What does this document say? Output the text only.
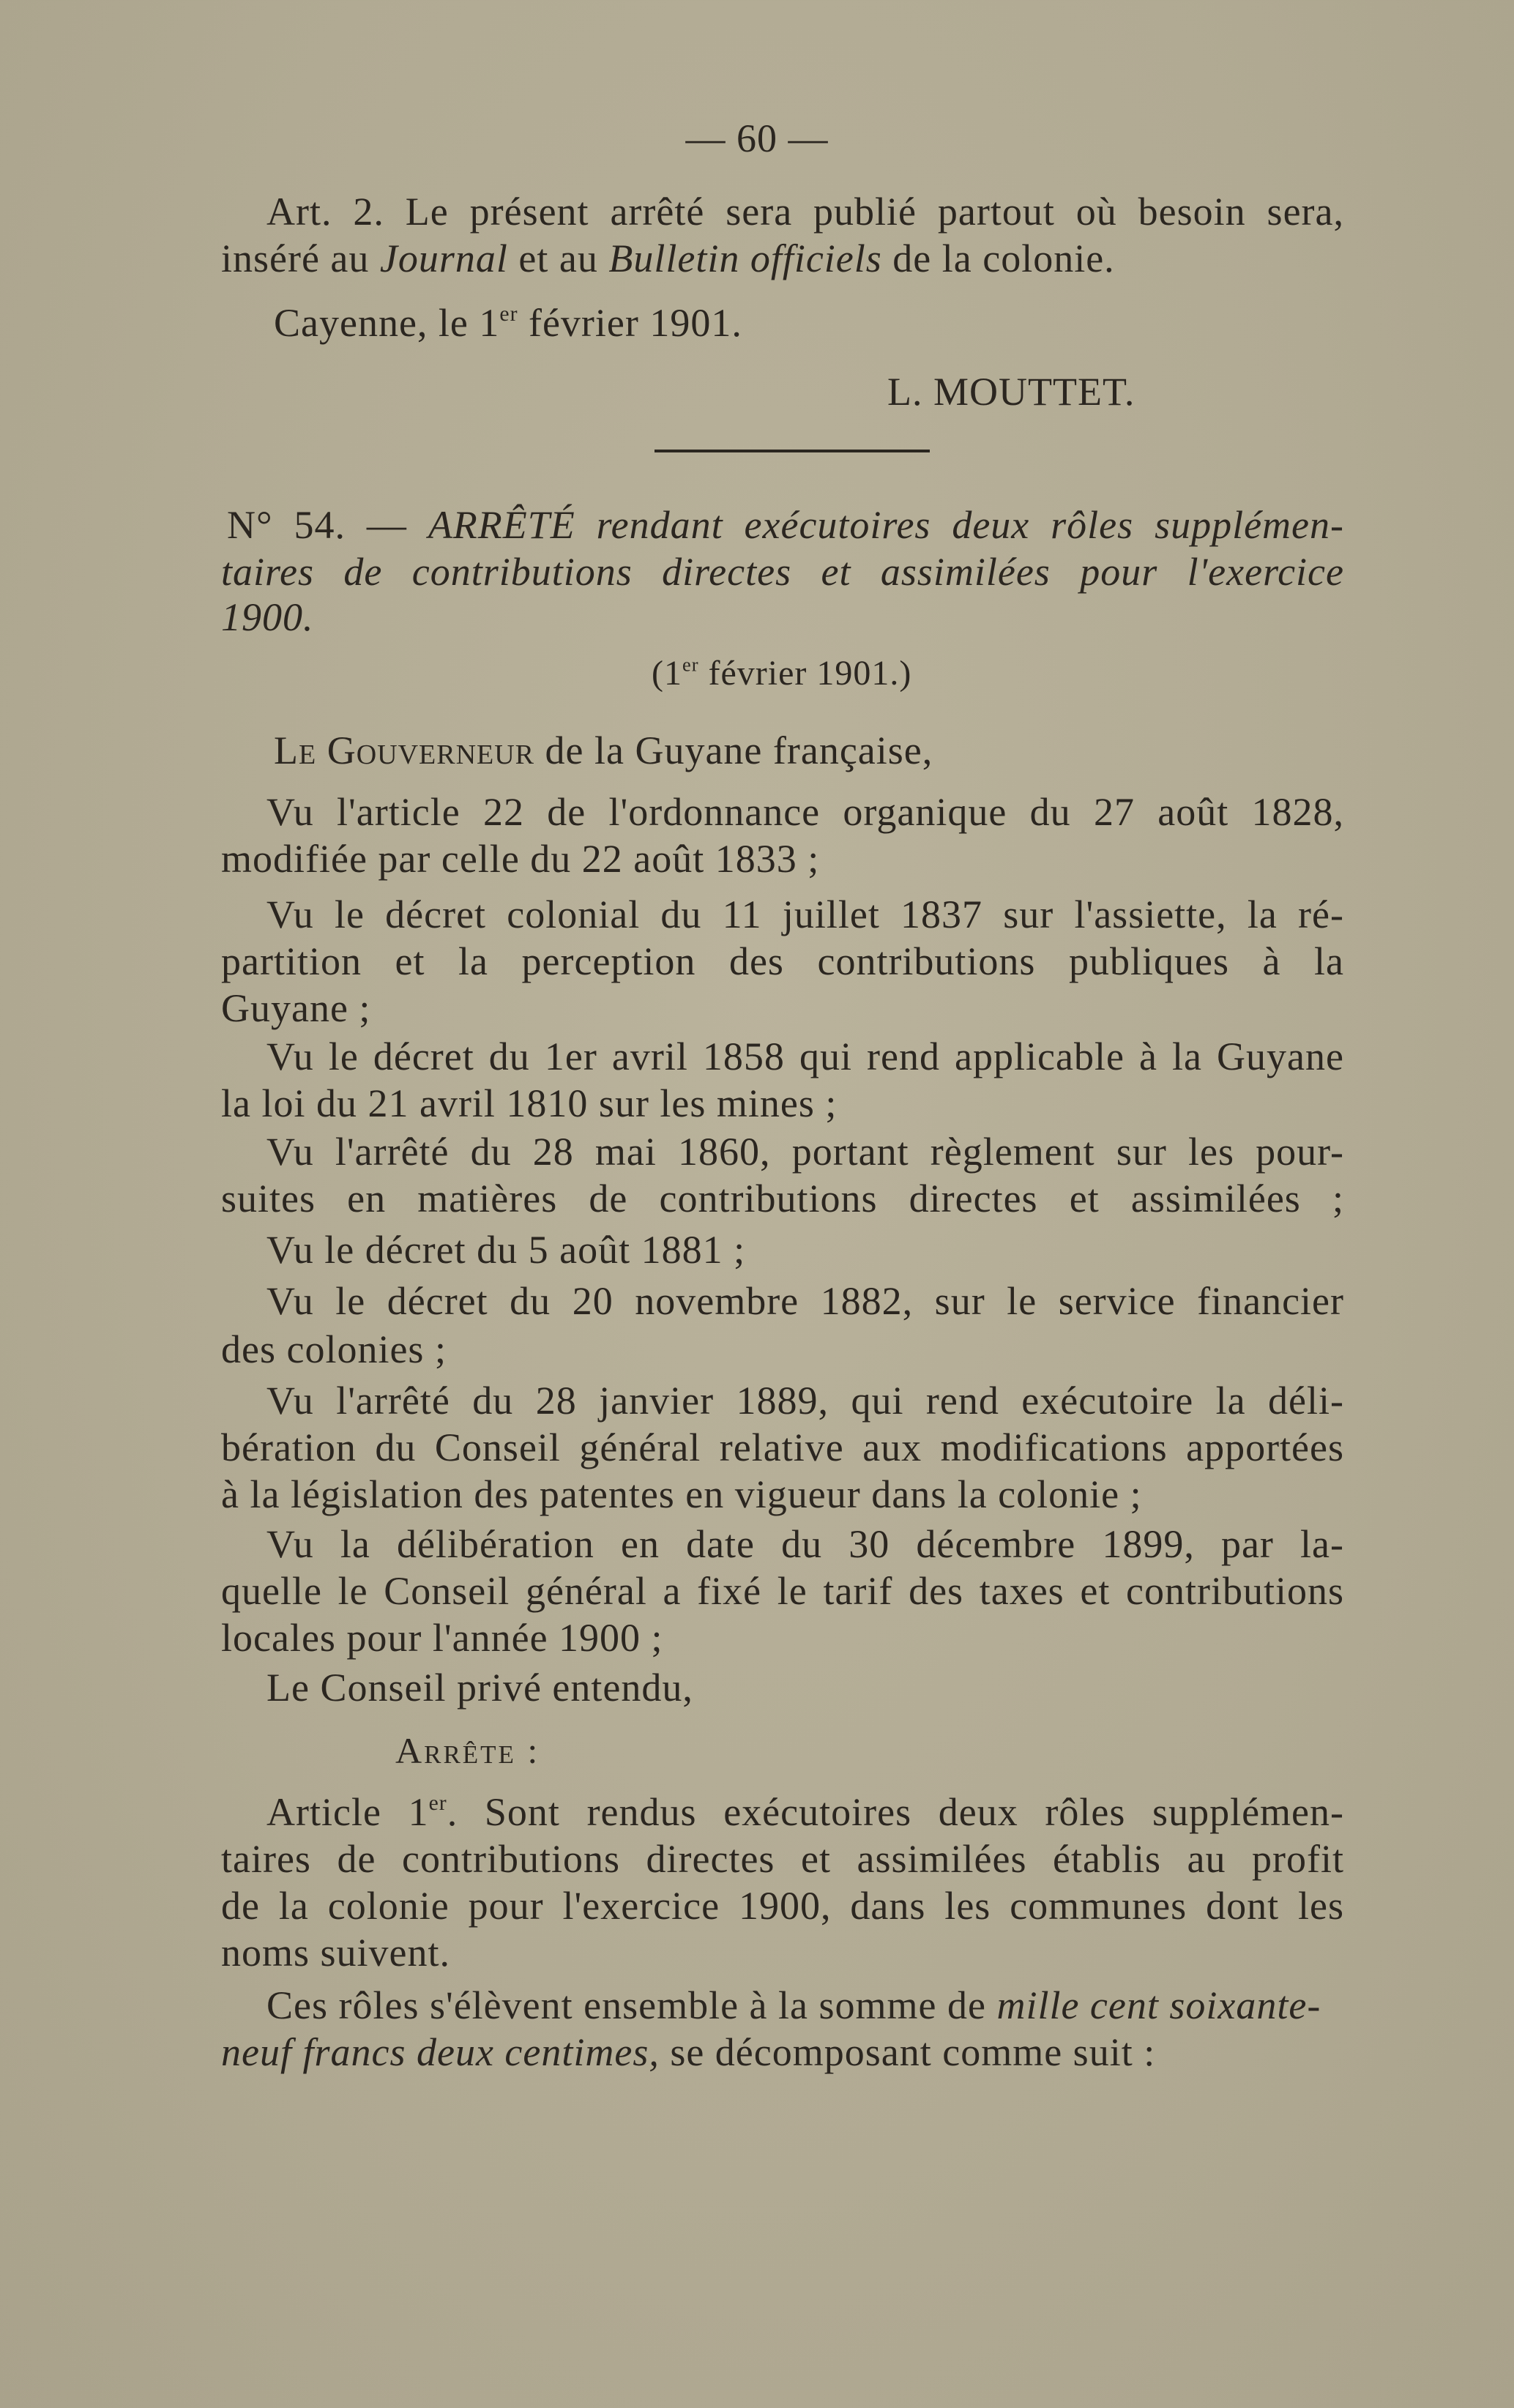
— 60 —
Art. 2. Le présent arrêté sera publié partout où besoin sera,
inséré au Journal et au Bulletin officiels de la colonie.
Cayenne, le 1er février 1901.
L. MOUTTET.
N° 54. — ARRÊTÉ rendant exécutoires deux rôles supplémen-
taires de contributions directes et assimilées pour l'exercice
1900.
(1er février 1901.)
Le Gouverneur de la Guyane française,
Vu l'article 22 de l'ordonnance organique du 27 août 1828,
modifiée par celle du 22 août 1833 ;
Vu le décret colonial du 11 juillet 1837 sur l'assiette, la ré-
partition et la perception des contributions publiques à la
Guyane ;
Vu le décret du 1er avril 1858 qui rend applicable à la Guyane
la loi du 21 avril 1810 sur les mines ;
Vu l'arrêté du 28 mai 1860, portant règlement sur les pour-
suites en matières de contributions directes et assimilées ;
Vu le décret du 5 août 1881 ;
Vu le décret du 20 novembre 1882, sur le service financier
des colonies ;
Vu l'arrêté du 28 janvier 1889, qui rend exécutoire la déli-
bération du Conseil général relative aux modifications apportées
à la législation des patentes en vigueur dans la colonie ;
Vu la délibération en date du 30 décembre 1899, par la-
quelle le Conseil général a fixé le tarif des taxes et contributions
locales pour l'année 1900 ;
Le Conseil privé entendu,
Arrête :
Article 1er. Sont rendus exécutoires deux rôles supplémen-
taires de contributions directes et assimilées établis au profit
de la colonie pour l'exercice 1900, dans les communes dont les
noms suivent.
Ces rôles s'élèvent ensemble à la somme de mille cent soixante-
neuf francs deux centimes, se décomposant comme suit :
